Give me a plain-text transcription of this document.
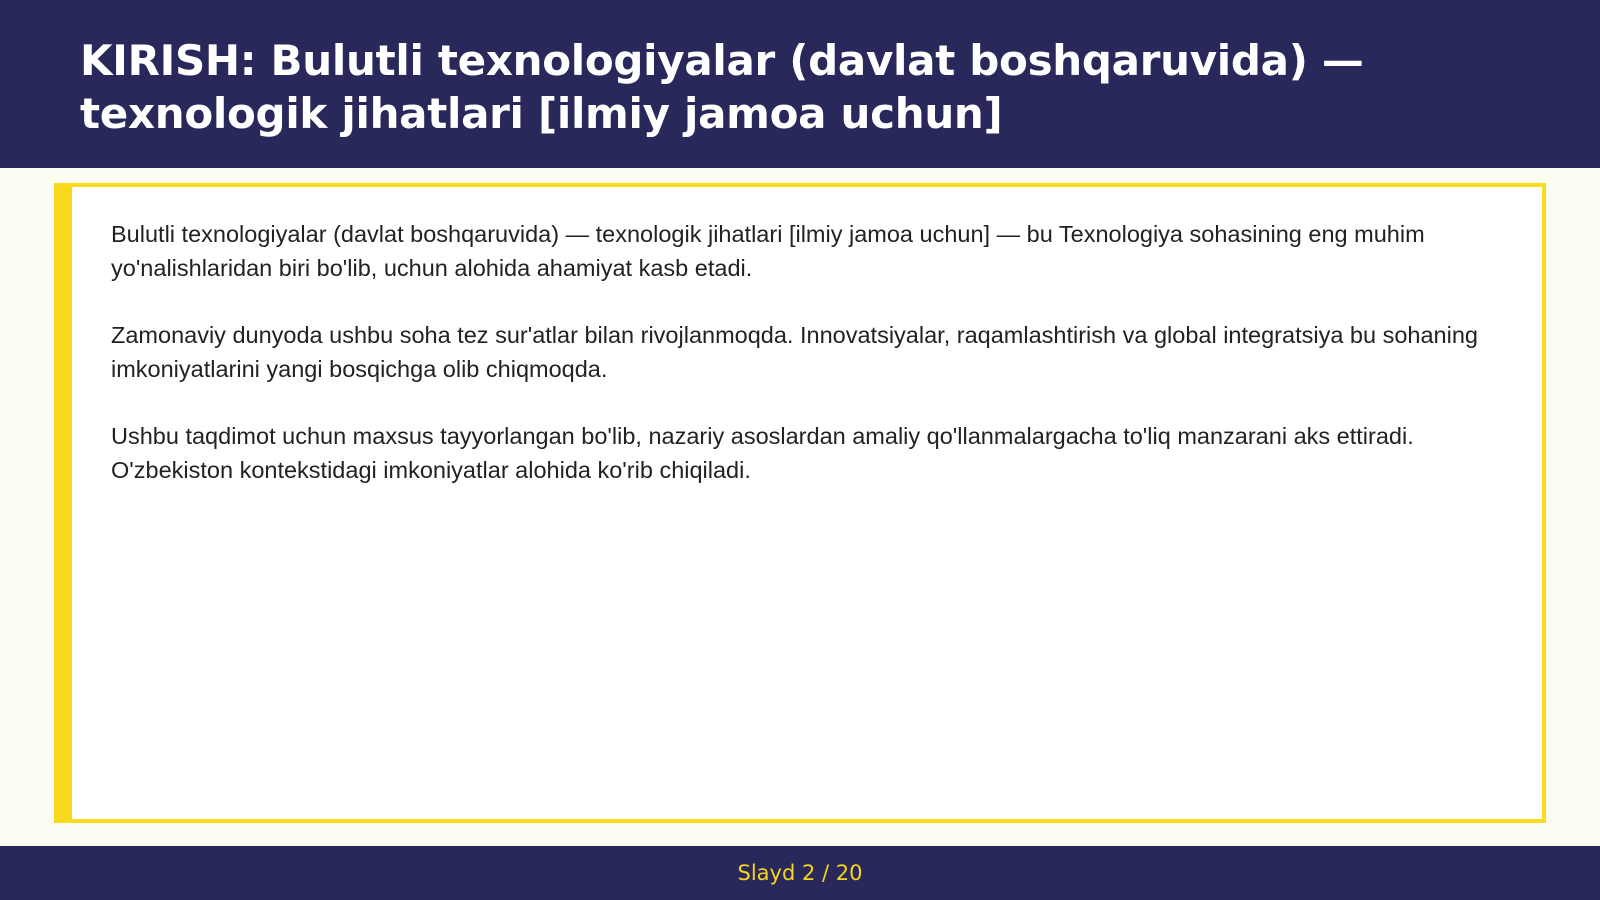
KIRISH: Bulutli texnologiyalar (davlat boshqaruvida) —
texnologik jihatlari [ilmiy jamoa uchun]

Bulutli texnologiyalar (davlat boshqaruvida) — texnologik jihatlari [ilmiy jamoa uchun] — bu Texnologiya sohasining eng muhim yo'nalishlaridan biri bo'lib, uchun alohida ahamiyat kasb etadi.

Zamonaviy dunyoda ushbu soha tez sur'atlar bilan rivojlanmoqda. Innovatsiyalar, raqamlashtirish va global integratsiya bu sohaning imkoniyatlarini yangi bosqichga olib chiqmoqda.

Ushbu taqdimot uchun maxsus tayyorlangan bo'lib, nazariy asoslardan amaliy qo'llanmalargacha to'liq manzarani aks ettiradi. O'zbekiston kontekstidagi imkoniyatlar alohida ko'rib chiqiladi.

Slayd 2 / 20
